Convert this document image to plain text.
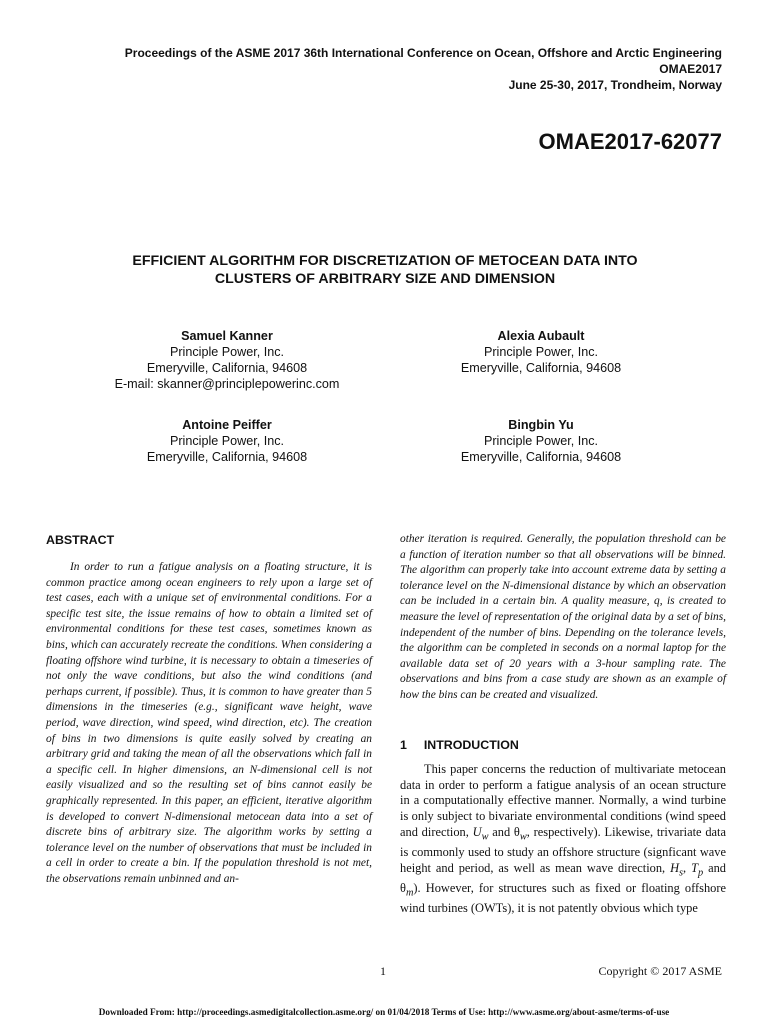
Proceedings of the ASME 2017 36th International Conference on Ocean, Offshore and Arctic Engineering
OMAE2017
June 25-30, 2017, Trondheim, Norway
OMAE2017-62077
EFFICIENT ALGORITHM FOR DISCRETIZATION OF METOCEAN DATA INTO
CLUSTERS OF ARBITRARY SIZE AND DIMENSION
Samuel Kanner
Principle Power, Inc.
Emeryville, California, 94608
E-mail: skanner@principlepowerinc.com
Alexia Aubault
Principle Power, Inc.
Emeryville, California, 94608
Antoine Peiffer
Principle Power, Inc.
Emeryville, California, 94608
Bingbin Yu
Principle Power, Inc.
Emeryville, California, 94608
ABSTRACT
In order to run a fatigue analysis on a floating structure, it is common practice among ocean engineers to rely upon a large set of test cases, each with a unique set of environmental conditions. For a specific test site, the issue remains of how to obtain a limited set of environmental conditions for these test cases, sometimes known as bins, which can accurately recreate the conditions. When considering a floating offshore wind turbine, it is necessary to obtain a timeseries of not only the wave conditions, but also the wind conditions (and perhaps current, if possible). Thus, it is common to have greater than 5 dimensions in the timeseries (e.g., significant wave height, wave period, wave direction, wind speed, wind direction, etc). The creation of bins in two dimensions is quite easily solved by creating an arbitrary grid and taking the mean of all the observations which fall in a specific cell. In higher dimensions, an N-dimensional cell is not easily visualized and so the resulting set of bins cannot easily be graphically represented. In this paper, an efficient, iterative algorithm is developed to convert N-dimensional metocean data into a set of discrete bins of arbitrary size. The algorithm works by setting a tolerance level on the number of observations that must be included in a cell in order to create a bin. If the population threshold is not met, the observations remain unbinned and an-
other iteration is required. Generally, the population threshold can be a function of iteration number so that all observations will be binned. The algorithm can properly take into account extreme data by setting a tolerance level on the N-dimensional distance by which an observation can be included in a certain bin. A quality measure, q, is created to measure the level of representation of the original data by a set of bins, independent of the number of bins. Depending on the tolerance levels, the algorithm can be completed in seconds on a normal laptop for the available data set of 20 years with a 3-hour sampling rate. The observations and bins from a case study are shown as an example of how the bins can be created and visualized.
1 INTRODUCTION
This paper concerns the reduction of multivariate metocean data in order to perform a fatigue analysis of an ocean structure in a computationally effective manner. Normally, a wind turbine is only subject to bivariate environmental conditions (wind speed and direction, $U_w$ and $\theta_w$, respectively). Likewise, trivariate data is commonly used to study an offshore structure (signficant wave height and period, as well as mean wave direction, $H_s$, $T_p$ and $\theta_m$). However, for structures such as fixed or floating offshore wind turbines (OWTs), it is not patently obvious which type
1	Copyright © 2017 ASME
Downloaded From: http://proceedings.asmedigitalcollection.asme.org/ on 01/04/2018 Terms of Use: http://www.asme.org/about-asme/terms-of-use
